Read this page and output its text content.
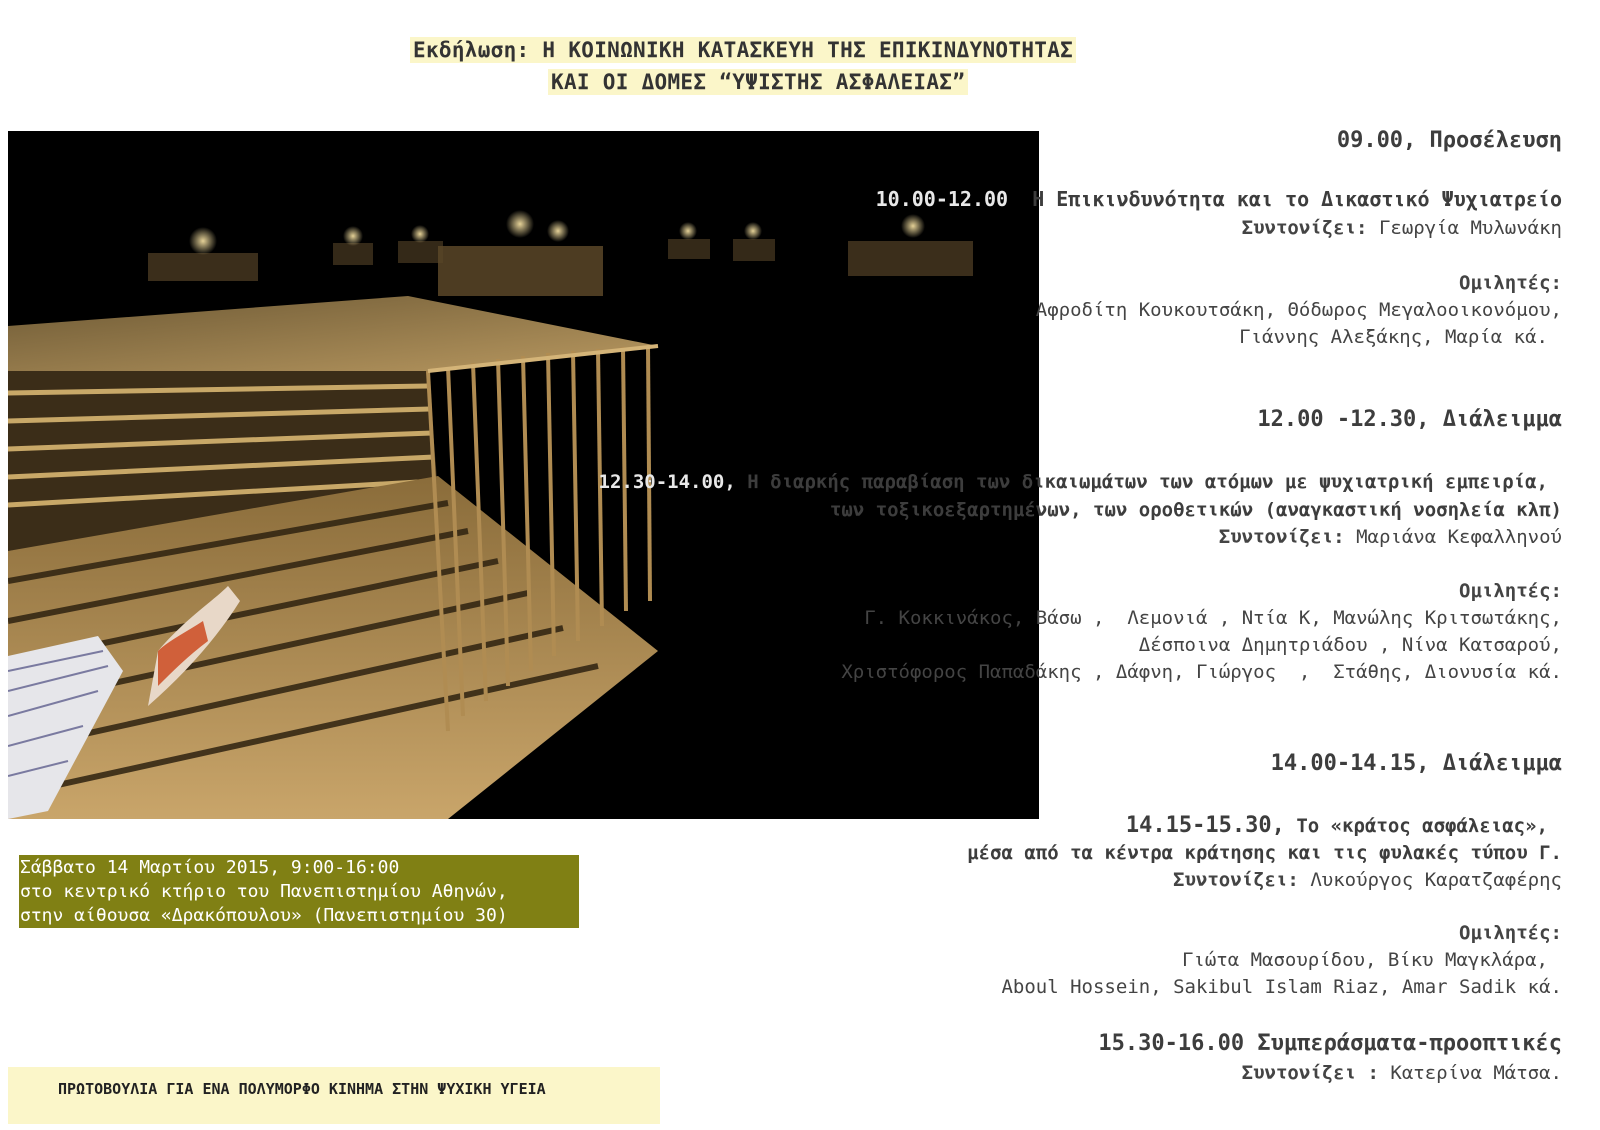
Εκδήλωση: Η ΚΟΙΝΩΝΙΚΗ ΚΑΤΑΣΚΕΥΗ ΤΗΣ ΕΠΙΚΙΝΔΥΝΟΤΗΤΑΣ
ΚΑΙ ΟΙ ΔΟΜΕΣ “ΥΨΙΣΤΗΣ ΑΣΦΑΛΕΙΑΣ”
09.00, Προσέλευση
10.00-12.00 Η Επικινδυνότητα και το Δικαστικό Ψυχιατρείο
Συντονίζει: Γεωργία Μυλωνάκη
Ομιλητές:
Αφροδίτη Κουκουτσάκη, Θόδωρος Μεγαλοοικονόμου,
Γιάννης Αλεξάκης, Μαρία κά.
12.00 -12.30, Διάλειμμα
12.30-14.00, Η διαρκής παραβίαση των δικαιωμάτων των ατόμων με ψυχιατρική εμπειρία,
των τοξικοεξαρτημένων, των οροθετικών (αναγκαστική νοσηλεία κλπ)
Συντονίζει: Μαριάνα Κεφαλληνού
Ομιλητές:
Γ. Κοκκινάκος, Βάσω ,  Λεμονιά , Ντία Κ, Μανώλης Κριτσωτάκης,
Δέσποινα Δημητριάδου , Νίνα Κατσαρού,
Χριστόφορος Παπαδάκης , Δάφνη, Γιώργος  ,  Στάθης, Διονυσία κά.
14.00-14.15, Διάλειμμα
14.15-15.30, Το «κράτος ασφάλειας»,
μέσα από τα κέντρα κράτησης και τις φυλακές τύπου Γ.
Συντονίζει: Λυκούργος Καρατζαφέρης
Ομιλητές:
Γιώτα Μασουρίδου, Βίκυ Μαγκλάρα,
Aboul Hossein, Sakibul Islam Riaz, Amar Sadik κά.
15.30-16.00 Συμπεράσματα-προοπτικές
Συντονίζει : Κατερίνα Μάτσα.
Σάββατο 14 Μαρτίου 2015, 9:00-16:00
στο κεντρικό κτήριο του Πανεπιστημίου Αθηνών,
στην αίθουσα «Δρακόπουλου» (Πανεπιστημίου 30)
ΠΡΩΤΟΒΟΥΛΙΑ ΓΙΑ ΕΝΑ ΠΟΛΥΜΟΡΦΟ ΚΙΝΗΜΑ ΣΤΗΝ ΨΥΧΙΚΗ ΥΓΕΙΑ
